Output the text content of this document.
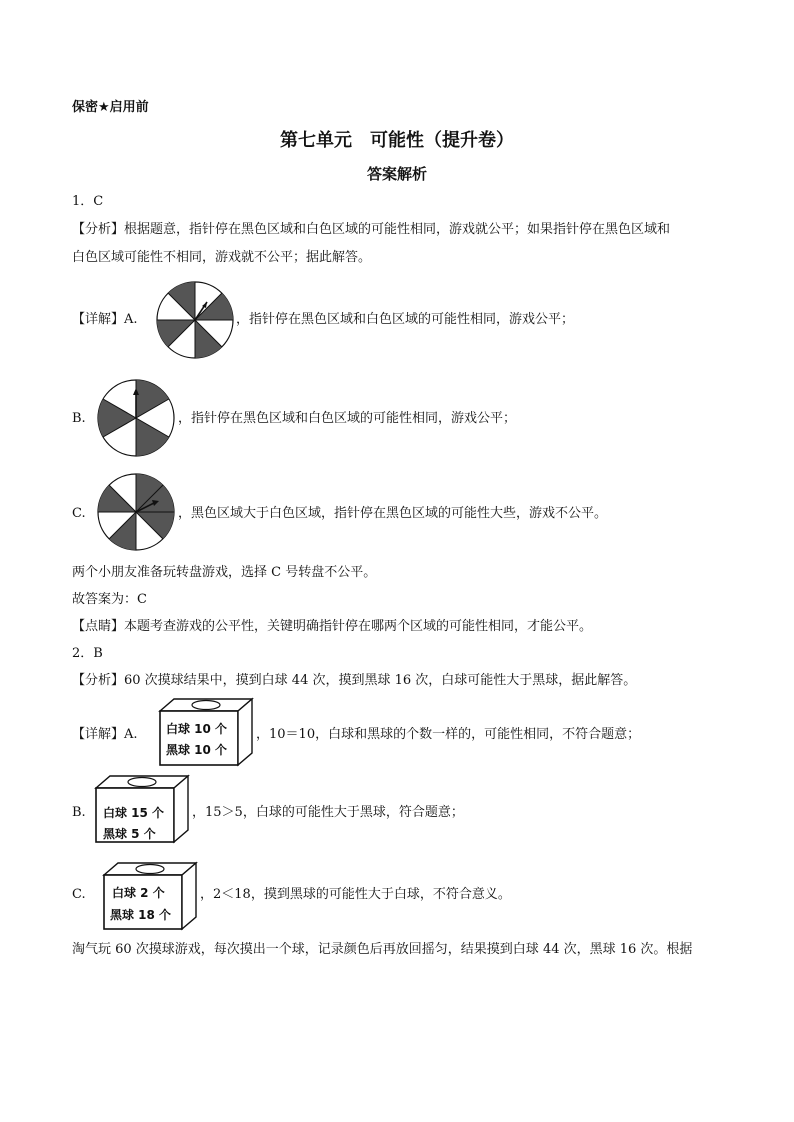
保密★启用前
第七单元　可能性（提升卷）
答案解析
1．C
【分析】根据题意，指针停在黑色区域和白色区域的可能性相同，游戏就公平；如果指针停在黑色区域和
白色区域可能性不相同，游戏就不公平；据此解答。
【详解】A.	，指针停在黑色区域和白色区域的可能性相同，游戏公平；
B.	，指针停在黑色区域和白色区域的可能性相同，游戏公平；
C.	，黑色区域大于白色区域，指针停在黑色区域的可能性大些，游戏不公平。
两个小朋友准备玩转盘游戏，选择 C 号转盘不公平。
故答案为：C
【点睛】本题考查游戏的公平性，关键明确指针停在哪两个区域的可能性相同，才能公平。
2．B
【分析】60 次摸球结果中，摸到白球 44 次，摸到黑球 16 次，白球可能性大于黑球，据此解答。
【详解】A. 白球 10 个
黑球 10 个
，10＝10，白球和黑球的个数一样的，可能性相同，不符合题意；
B. 白球 15 个
黑球 5 个
，15＞5，白球的可能性大于黑球，符合题意；
C. 白球 2 个
黑球 18 个
，2＜18，摸到黑球的可能性大于白球，不符合意义。
淘气玩 60 次摸球游戏，每次摸出一个球，记录颜色后再放回摇匀，结果摸到白球 44 次，黑球 16 次。根据
